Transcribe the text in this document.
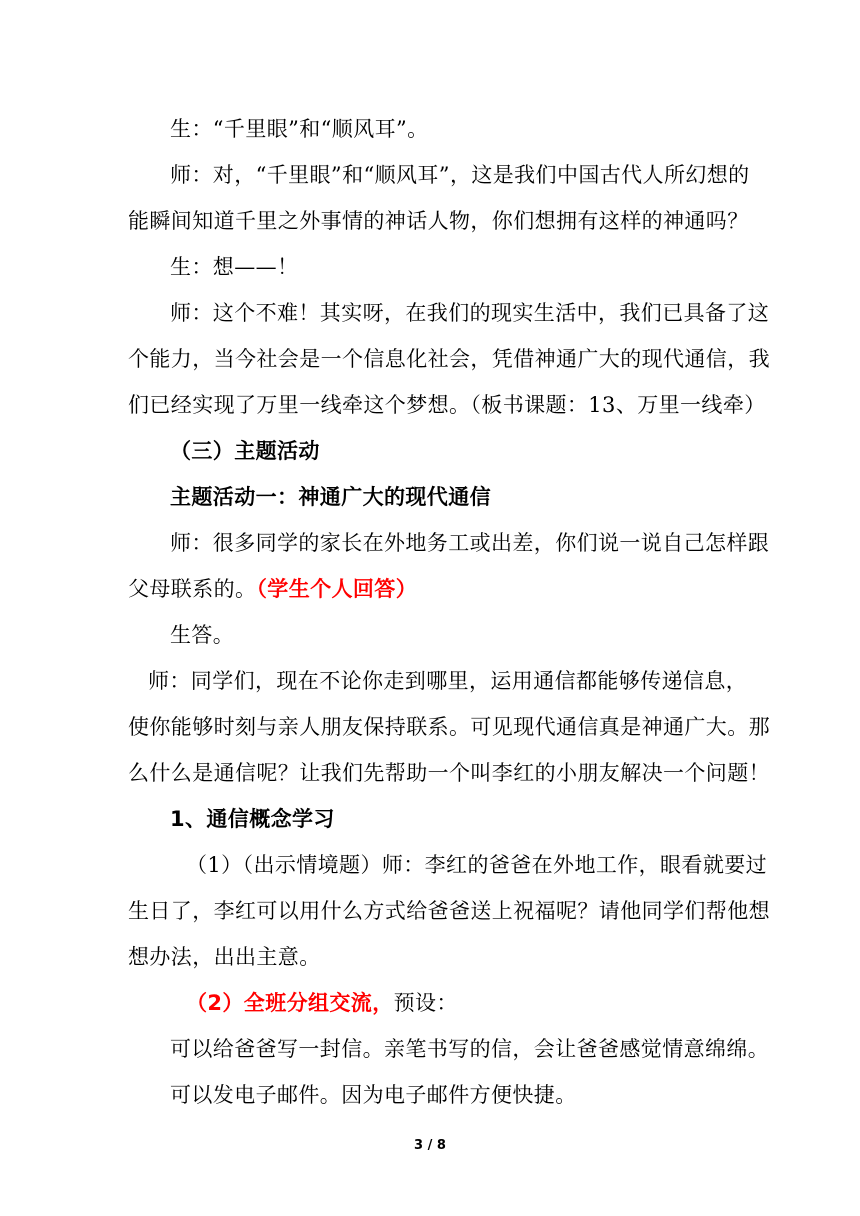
生：“千里眼”和“顺风耳”。
师：对，“千里眼”和“顺风耳”，这是我们中国古代人所幻想的
能瞬间知道千里之外事情的神话人物，你们想拥有这样的神通吗？
生：想——！
师：这个不难！其实呀，在我们的现实生活中，我们已具备了这
个能力，当今社会是一个信息化社会，凭借神通广大的现代通信，我
们已经实现了万里一线牵这个梦想。（板书课题：13、万里一线牵）
（三）主题活动
主题活动一：神通广大的现代通信
师：很多同学的家长在外地务工或出差，你们说一说自己怎样跟
父母联系的。（学生个人回答）
生答。
师：同学们，现在不论你走到哪里，运用通信都能够传递信息，
使你能够时刻与亲人朋友保持联系。可见现代通信真是神通广大。那
么什么是通信呢？让我们先帮助一个叫李红的小朋友解决一个问题！
1、通信概念学习
（1）（出示情境题）师：李红的爸爸在外地工作，眼看就要过
生日了，李红可以用什么方式给爸爸送上祝福呢？请他同学们帮他想
想办法，出出主意。
（2）全班分组交流，预设：
可以给爸爸写一封信。亲笔书写的信，会让爸爸感觉情意绵绵。
可以发电子邮件。因为电子邮件方便快捷。
3 / 8
